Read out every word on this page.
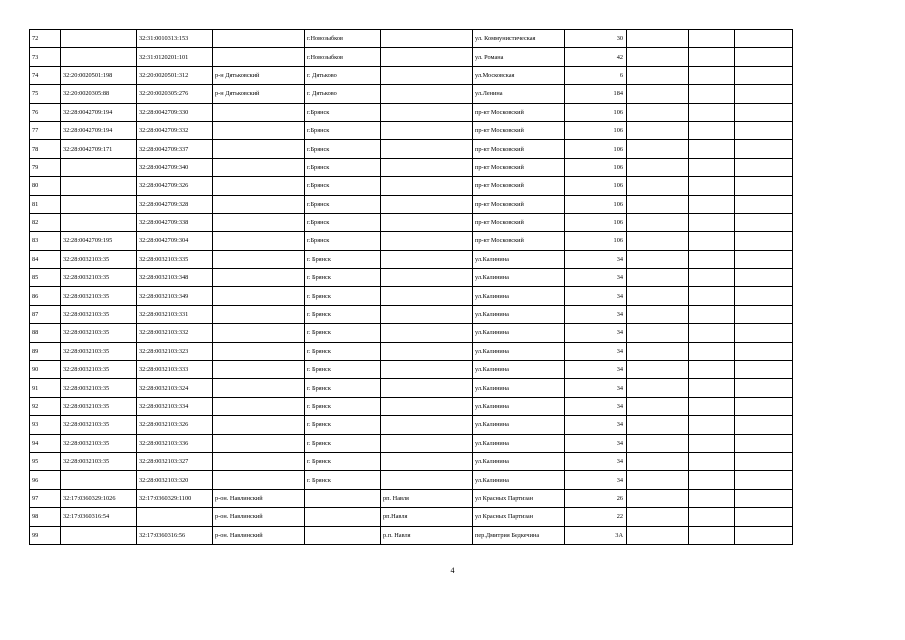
72		32:31:0010313:153		г.Новозыбков		ул. Коммунистическая	30			
73		32:31:0120201:101		г.Новозыбков		ул. Романа	42			
74	32:20:0020501:198	32:20:0020501:312	р-н Дятьковский	г. Дятьково		ул.Московская	6			
75	32:20:0020305:88	32:20:0020305:276	р-н Дятьковский	г. Дятьково		ул.Ленина	184			
76	32:28:0042709:194	32:28:0042709:330		г.Брянск		пр-кт Московский	106			
77	32:28:0042709:194	32:28:0042709:332		г.Брянск		пр-кт Московский	106			
78	32:28:0042709:171	32:28:0042709:337		г.Брянск		пр-кт Московский	106			
79		32:28:0042709:340		г.Брянск		пр-кт Московский	106			
80		32:28:0042709:326		г.Брянск		пр-кт Московский	106			
81		32:28:0042709:328		г.Брянск		пр-кт Московский	106			
82		32:28:0042709:338		г.Брянск		пр-кт Московский	106			
83	32:28:0042709:195	32:28:0042709:304		г.Брянск		пр-кт Московский	106			
84	32:28:0032103:35	32:28:0032103:335		г. Брянск		ул.Калинина	34			
85	32:28:0032103:35	32:28:0032103:348		г. Брянск		ул.Калинина	34			
86	32:28:0032103:35	32:28:0032103:349		г. Брянск		ул.Калинина	34			
87	32:28:0032103:35	32:28:0032103:331		г. Брянск		ул.Калинина	34			
88	32:28:0032103:35	32:28:0032103:332		г. Брянск		ул.Калинина	34			
89	32:28:0032103:35	32:28:0032103:323		г. Брянск		ул.Калинина	34			
90	32:28:0032103:35	32:28:0032103:333		г. Брянск		ул.Калинина	34			
91	32:28:0032103:35	32:28:0032103:324		г. Брянск		ул.Калинина	34			
92	32:28:0032103:35	32:28:0032103:334		г. Брянск		ул.Калинина	34			
93	32:28:0032103:35	32:28:0032103:326		г. Брянск		ул.Калинина	34			
94	32:28:0032103:35	32:28:0032103:336		г. Брянск		ул.Калинина	34			
95	32:28:0032103:35	32:28:0032103:327		г. Брянск		ул.Калинина	34			
96		32:28:0032103:320		г. Брянск		ул.Калинина	34			
97	32:17:0360329:1026	32:17:0360329:1100	р-он. Навлинский		рп. Навля	ул Красных Партизан	26			
98	32:17:0360316:54		р-он. Навлинский		рп.Навля	ул Красных Партизан	22			
99		32:17:0360316:56	р-он. Навлинский		р.п. Навля	пер.Дмитрия Бедкечина	3А			
4
